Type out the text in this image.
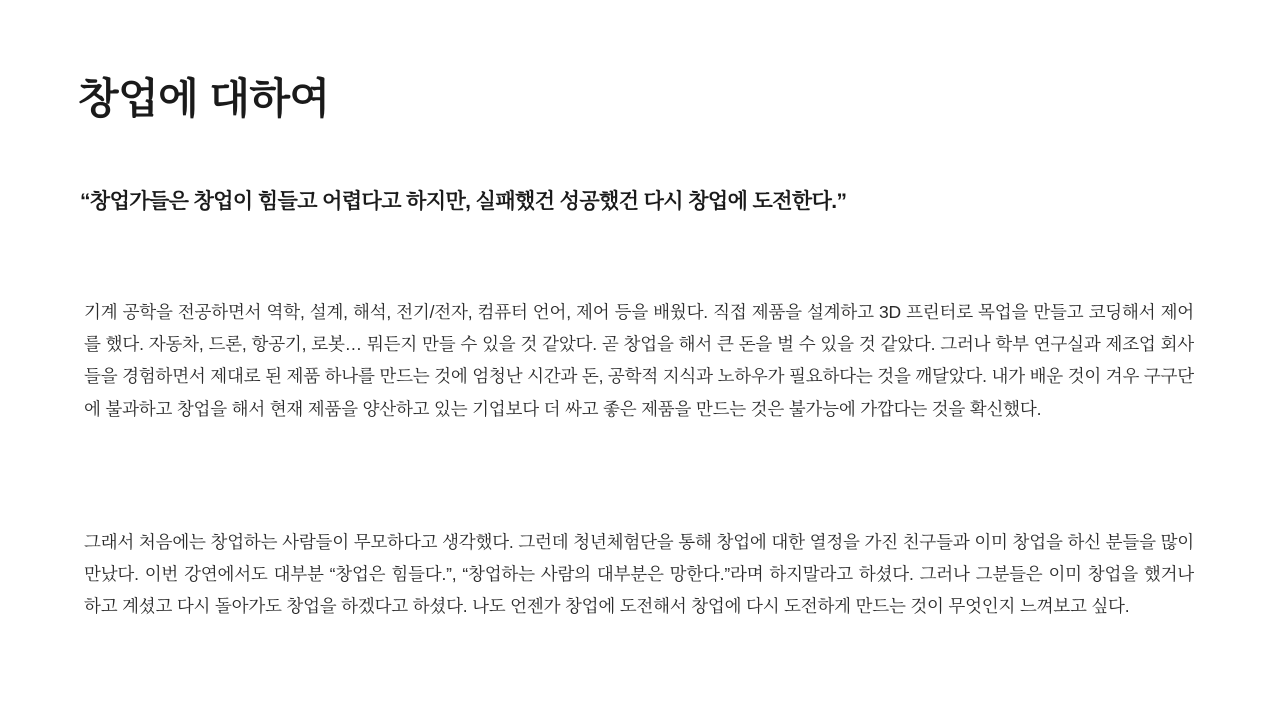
창업에 대하여

“창업가들은 창업이 힘들고 어렵다고 하지만, 실패했건 성공했건 다시 창업에 도전한다.”

기계 공학을 전공하면서 역학, 설계, 해석, 전기/전자, 컴퓨터 언어, 제어 등을 배웠다. 직접 제품을 설계하고 3D 프린터로 목업을 만들고 코딩해서 제어를 했다. 자동차, 드론, 항공기, 로봇… 뭐든지 만들 수 있을 것 같았다. 곧 창업을 해서 큰 돈을 벌 수 있을 것 같았다. 그러나 학부 연구실과 제조업 회사들을 경험하면서 제대로 된 제품 하나를 만드는 것에 엄청난 시간과 돈, 공학적 지식과 노하우가 필요하다는 것을 깨달았다. 내가 배운 것이 겨우 구구단에 불과하고 창업을 해서 현재 제품을 양산하고 있는 기업보다 더 싸고 좋은 제품을 만드는 것은 불가능에 가깝다는 것을 확신했다.

그래서 처음에는 창업하는 사람들이 무모하다고 생각했다. 그런데 청년체험단을 통해 창업에 대한 열정을 가진 친구들과 이미 창업을 하신 분들을 많이 만났다. 이번 강연에서도 대부분 “창업은 힘들다.”, “창업하는 사람의 대부분은 망한다.”라며 하지말라고 하셨다. 그러나 그분들은 이미 창업을 했거나 하고 계셨고 다시 돌아가도 창업을 하겠다고 하셨다. 나도 언젠가 창업에 도전해서 창업에 다시 도전하게 만드는 것이 무엇인지 느껴보고 싶다.
